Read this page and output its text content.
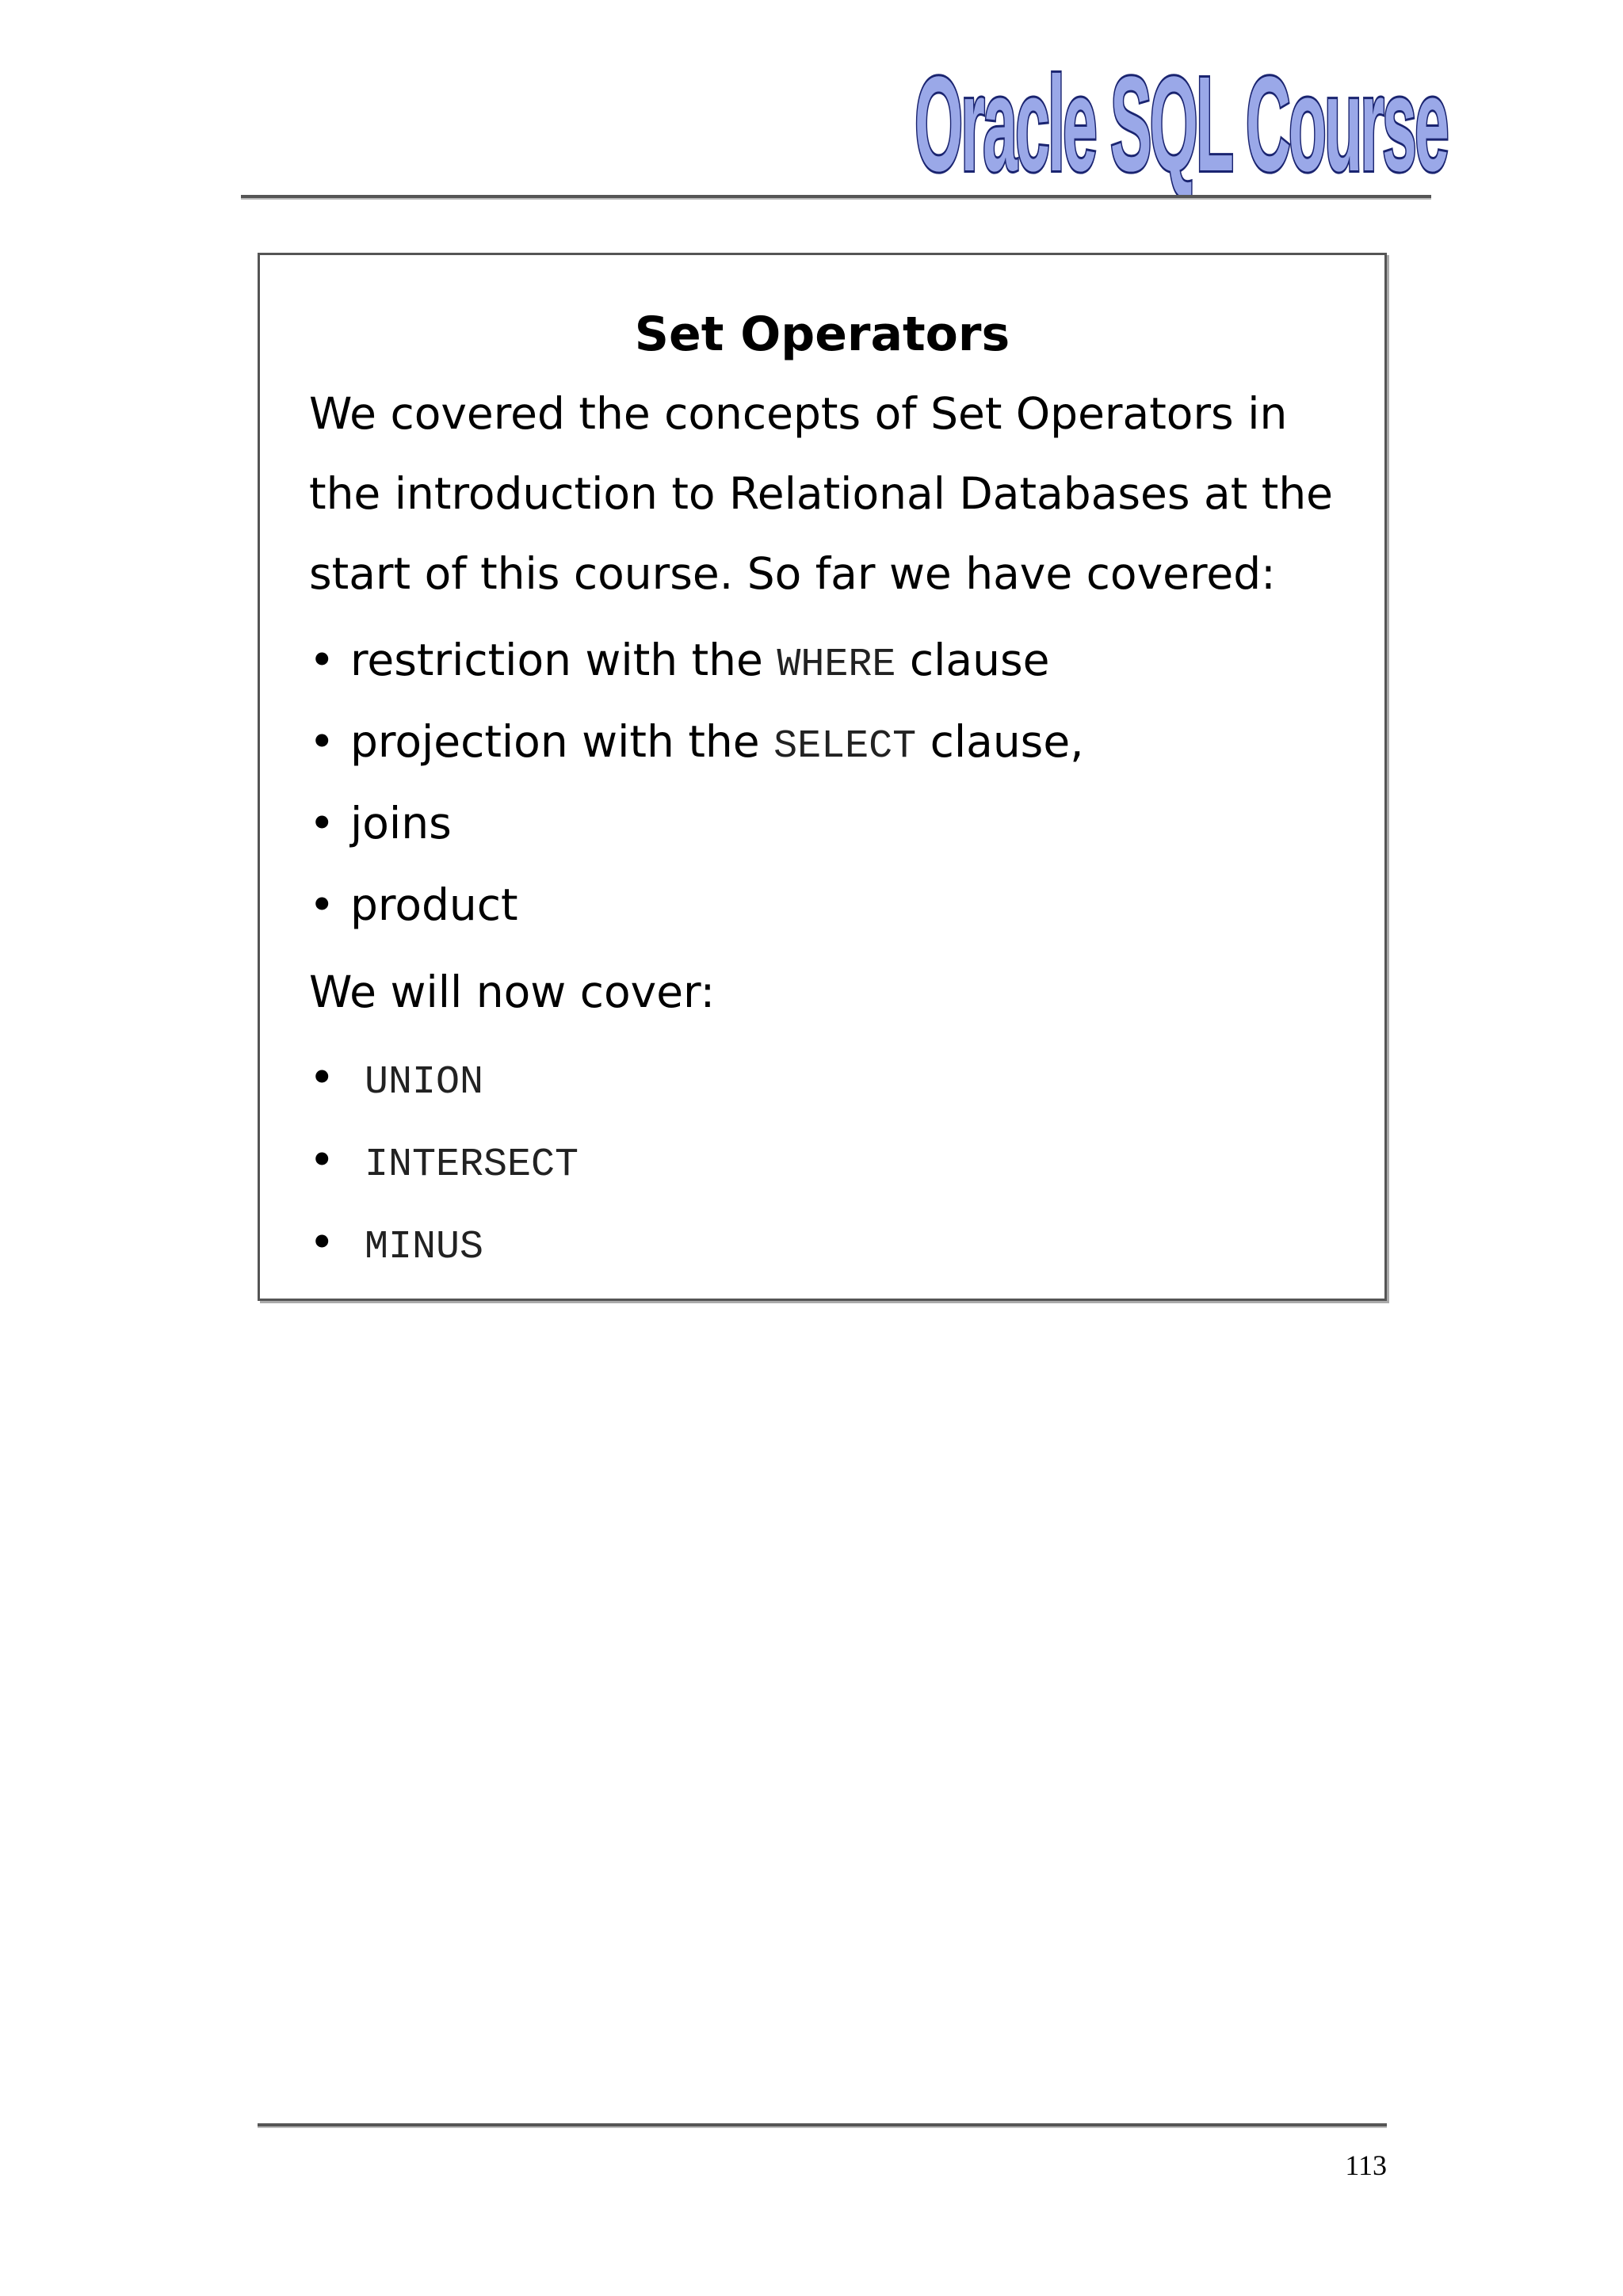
Oracle SQL Course
Set Operators

We covered the concepts of Set Operators in the introduction to Relational Databases at the start of this course. So far we have covered:

• restriction with the WHERE clause
• projection with the SELECT clause,
• joins
• product
We will now cover:
• UNION
• INTERSECT
• MINUS
113
